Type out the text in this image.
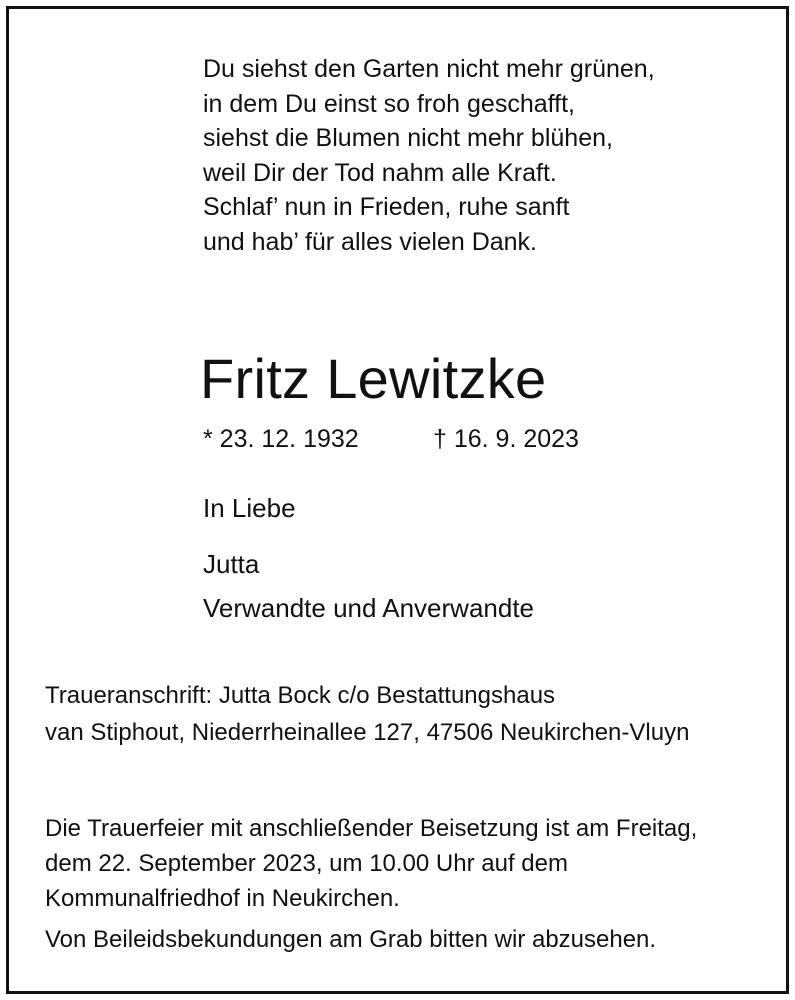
Du siehst den Garten nicht mehr grünen,
in dem Du einst so froh geschafft,
siehst die Blumen nicht mehr blühen,
weil Dir der Tod nahm alle Kraft.
Schlaf’ nun in Frieden, ruhe sanft
und hab’ für alles vielen Dank.
Fritz Lewitzke
* 23. 12. 1932	† 16. 9. 2023
In Liebe
Jutta
Verwandte und Anverwandte
Traueranschrift: Jutta Bock c/o Bestattungshaus
van Stiphout, Niederrheinallee 127, 47506 Neukirchen-Vluyn
Die Trauerfeier mit anschließender Beisetzung ist am Freitag,
dem 22. September 2023, um 10.00 Uhr auf dem
Kommunalfriedhof in Neukirchen.
Von Beileidsbekundungen am Grab bitten wir abzusehen.
